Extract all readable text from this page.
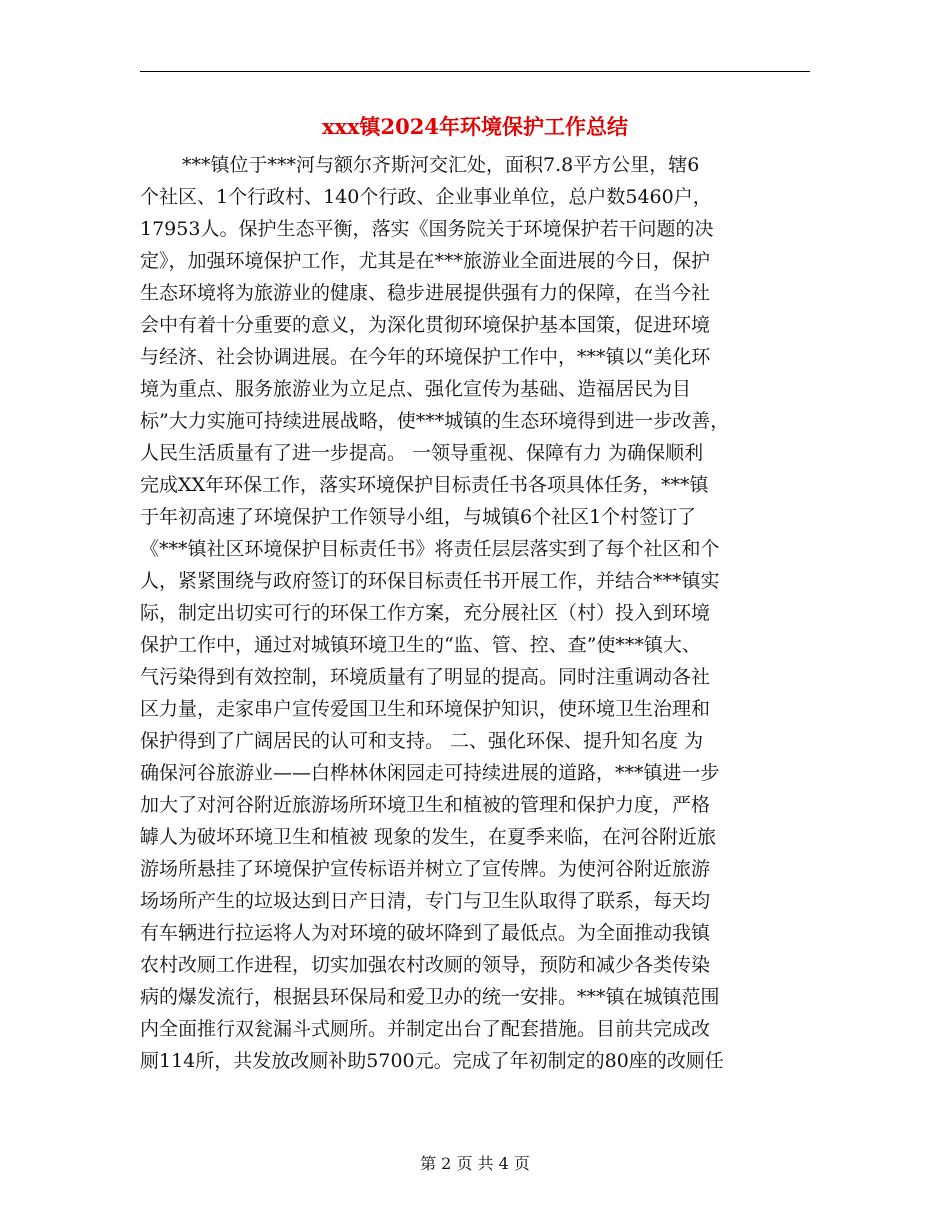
xxx镇2024年环境保护工作总结
***镇位于***河与额尔齐斯河交汇处，面积7.8平方公里，辖6
个社区、1个行政村、140个行政、企业事业单位，总户数5460户，
17953人。保护生态平衡，落实《国务院关于环境保护若干问题的决
定》，加强环境保护工作，尤其是在***旅游业全面进展的今日，保护
生态环境将为旅游业的健康、稳步进展提供强有力的保障，在当今社
会中有着十分重要的意义，为深化贯彻环境保护基本国策，促进环境
与经济、社会协调进展。在今年的环境保护工作中，***镇以“美化环
境为重点、服务旅游业为立足点、强化宣传为基础、造福居民为目
标”大力实施可持续进展战略，使***城镇的生态环境得到进一步改善，
人民生活质量有了进一步提高。 一领导重视、保障有力 为确保顺利
完成XX年环保工作，落实环境保护目标责任书各项具体任务，***镇
于年初高速了环境保护工作领导小组，与城镇6个社区1个村签订了
《***镇社区环境保护目标责任书》将责任层层落实到了每个社区和个
人，紧紧围绕与政府签订的环保目标责任书开展工作，并结合***镇实
际，制定出切实可行的环保工作方案，充分展社区（村）投入到环境
保护工作中，通过对城镇环境卫生的“监、管、控、查”使***镇大、
气污染得到有效控制，环境质量有了明显的提高。同时注重调动各社
区力量，走家串户宣传爱国卫生和环境保护知识，使环境卫生治理和
保护得到了广阔居民的认可和支持。 二、强化环保、提升知名度 为
确保河谷旅游业——白桦林休闲园走可持续进展的道路，***镇进一步
加大了对河谷附近旅游场所环境卫生和植被的管理和保护力度，严格
罅人为破坏环境卫生和植被 现象的发生，在夏季来临，在河谷附近旅
游场所悬挂了环境保护宣传标语并树立了宣传牌。为使河谷附近旅游
场场所产生的垃圾达到日产日清，专门与卫生队取得了联系，每天均
有车辆进行拉运将人为对环境的破坏降到了最低点。为全面推动我镇
农村改厕工作进程，切实加强农村改厕的领导，预防和减少各类传染
病的爆发流行，根据县环保局和爱卫办的统一安排。***镇在城镇范围
内全面推行双瓮漏斗式厕所。并制定出台了配套措施。目前共完成改
厕114所，共发放改厕补助5700元。完成了年初制定的80座的改厕任
第 2 页 共 4 页
